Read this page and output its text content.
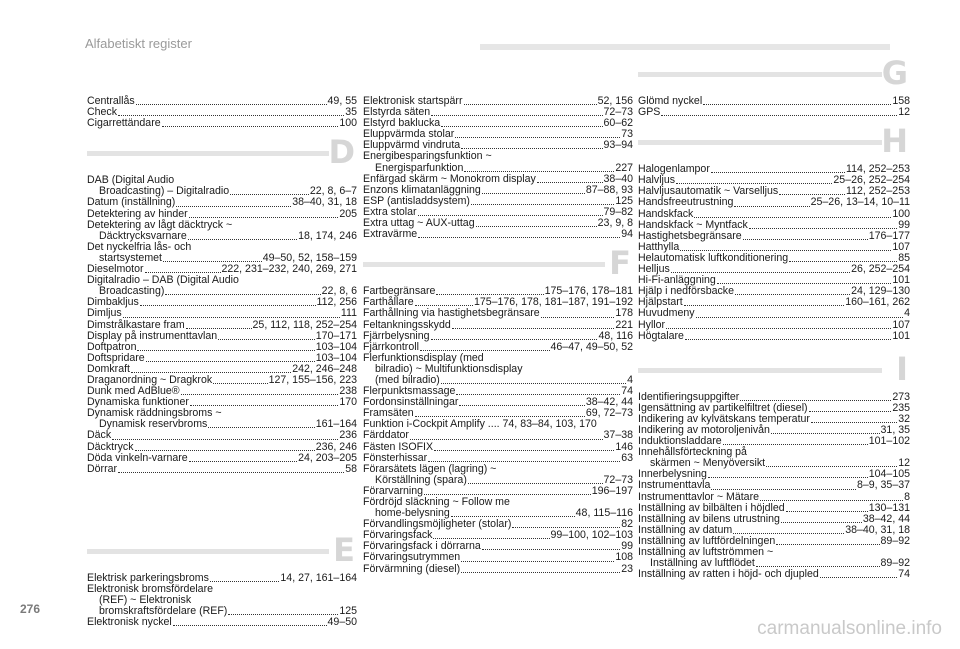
Alfabetiskt register
Centrallås	49, 55
Check	35
Cigarrettändare	100
D
DAB (Digital Audio
Broadcasting) – Digitalradio	22, 8, 6–7
Datum (inställning)	38–40, 31, 18
Detektering av hinder	205
Detektering av lågt däcktryck ~
Däcktrycksvarnare	18, 174, 246
Det nyckelfria lås- och
startsystemet	49–50, 52, 158–159
Dieselmotor	222, 231–232, 240, 269, 271
Digitalradio – DAB (Digital Audio
Broadcasting)	22, 8, 6
Dimbakljus	112, 256
Dimljus	111
Dimstrålkastare fram	25, 112, 118, 252–254
Display på instrumenttavlan	170–171
Doftpatron	103–104
Doftspridare	103–104
Domkraft	242, 246–248
Draganordning ~ Dragkrok	127, 155–156, 223
Dunk med AdBlue®	238
Dynamiska funktioner	170
Dynamisk räddningsbroms ~
Dynamisk reservbroms	161–164
Däck	236
Däcktryck	236, 246
Döda vinkeln-varnare	24, 203–205
Dörrar	58
E
Elektrisk parkeringsbroms	14, 27, 161–164
Elektronisk bromsfördelare
(REF) ~ Elektronisk
bromskraftsfördelare (REF)	125
Elektronisk nyckel	49–50
Elektronisk startspärr	52, 156
Elstyrda säten	72–73
Elstyrd baklucka	60–62
Eluppvärmda stolar	73
Eluppvärmd vindruta	93–94
Energibesparingsfunktion ~
Energisparfunktion	227
Enfärgad skärm ~ Monokrom display	38–40
Enzons klimatanläggning	87–88, 93
ESP (antisladdsystem)	125
Extra stolar	79–82
Extra uttag ~ AUX-uttag	23, 9, 8
Extravärme	94
F
Fartbegränsare	175–176, 178–181
Farthållare	175–176, 178, 181–187, 191–192
Farthållning via hastighetsbegränsare	178
Feltankningsskydd	221
Fjärrbelysning	48, 116
Fjärrkontroll	46–47, 49–50, 52
Flerfunktionsdisplay (med
bilradio) ~ Multifunktionsdisplay
(med bilradio)	4
Flerpunktsmassage	74
Fordonsinställningar	38–42, 44
Framsäten	69, 72–73
Funktion i-Cockpit Amplify .... 74, 83–84, 103, 170
Färddator	37–38
Fästen ISOFIX	146
Fönsterhissar	63
Förarsätets lägen (lagring) ~
Körställning (spara)	72–73
Förarvarning	196–197
Fördröjd släckning ~ Follow me
home-belysning	48, 115–116
Förvandlingsmöjligheter (stolar)	82
Förvaringsfack	99–100, 102–103
Förvaringsfack i dörrarna	99
Förvaringsutrymmen	108
Förvärmning (diesel)	23
G
Glömd nyckel	158
GPS	12
H
Halogenlampor	114, 252–253
Halvljus	25–26, 252–254
Halvljusautomatik ~ Varselljus	112, 252–253
Handsfreeutrustning	25–26, 13–14, 10–11
Handskfack	100
Handskfack ~ Myntfack	99
Hastighetsbegränsare	176–177
Hatthylla	107
Helautomatisk luftkonditionering	85
Helljus	26, 252–254
Hi-Fi-anläggning	101
Hjälp i nedförsbacke	24, 129–130
Hjälpstart	160–161, 262
Huvudmeny	4
Hyllor	107
Högtalare	101
I
Identifieringsuppgifter	273
Igensättning av partikelfiltret (diesel)	235
Indikering av kylvätskans temperatur	32
Indikering av motoroljenivån	31, 35
Induktionsladdare	101–102
Innehållsförteckning på
skärmen ~ Menyöversikt	12
Innerbelysning	104–105
Instrumenttavla	8–9, 35–37
Instrumenttavlor ~ Mätare	8
Inställning av bilbälten i höjdled	130–131
Inställning av bilens utrustning	38–42, 44
Inställning av datum	38–40, 31, 18
Inställning av luftfördelningen	89–92
Inställning av luftströmmen ~
Inställning av luftflödet	89–92
Inställning av ratten i höjd- och djupled	74
276
carmanualsonline.info
